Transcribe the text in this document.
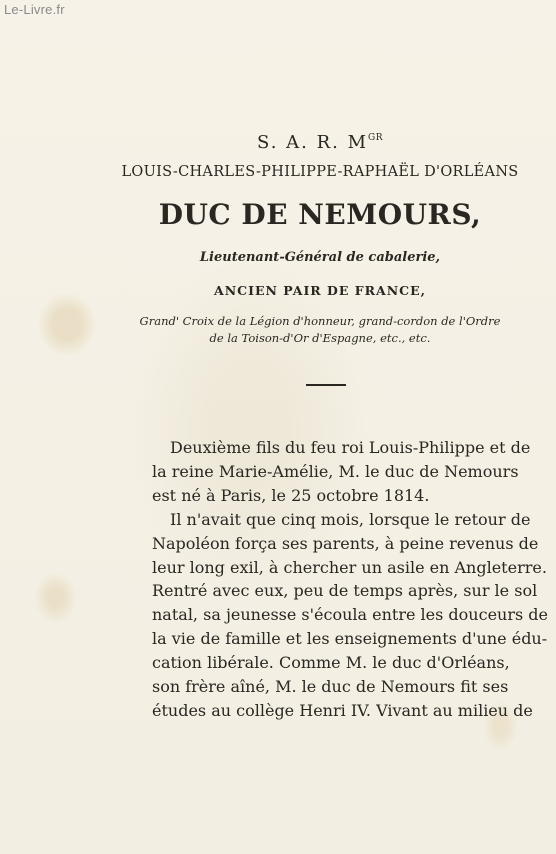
Le-Livre.fr
S. A. R. $M^{GR}$
LOUIS-CHARLES-PHILIPPE-RAPHAËL D'ORLÉANS
DUC DE NEMOURS,
Lieutenant-Général de cabalerie,
ANCIEN PAIR DE FRANCE,
Grand' Croix de la Légion d'honneur, grand-cordon de l'Ordre
de la Toison-d'Or d'Espagne, etc., etc.
Deuxième fils du feu roi Louis-Philippe et de
la reine Marie-Amélie, M. le duc de Nemours
est né à Paris, le 25 octobre 1814.
Il n'avait que cinq mois, lorsque le retour de
Napoléon força ses parents, à peine revenus de
leur long exil, à chercher un asile en Angleterre.
Rentré avec eux, peu de temps après, sur le sol
natal, sa jeunesse s'écoula entre les douceurs de
la vie de famille et les enseignements d'une édu-
cation libérale. Comme M. le duc d'Orléans,
son frère aîné, M. le duc de Nemours fit ses
études au collège Henri IV. Vivant au milieu de
